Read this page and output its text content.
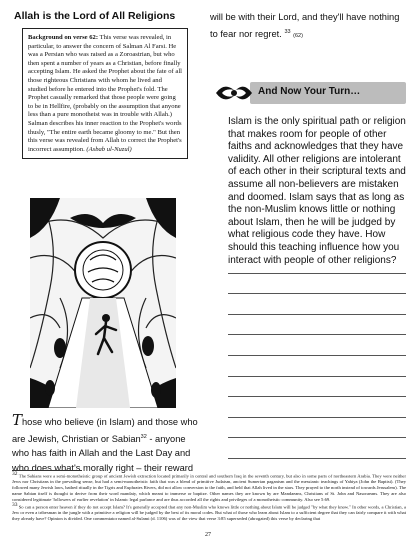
Allah is the Lord of All Religions
Background on verse 62: This verse was revealed, in particular, to answer the concern of Salman Al Farsi. He was a Persian who was raised as a Zoroastrian, but who then spent a number of years as a Christian, before finally accepting Islam. He asked the Prophet about the fate of all those righteous Christians with whom he lived and studied before he entered into the Prophet's fold. The Prophet casually remarked that those people were going to be in Hellfire, (probably on the assumption that anyone less than a pure monotheist was in trouble with Allah.) Salman describes his inner reaction to the Prophet's words thusly, "The entire earth became gloomy to me." But then this verse was revealed from Allah to correct the Prophet's incorrect assumption. (Asbab ul-Nuzul)
Those who believe (in Islam) and those who are Jewish, Christian or Sabian$^{32}$ - anyone who has faith in Allah and the Last Day and who does what's morally right – their reward

will be with their Lord, and they'll have nothing to fear nor regret. $^{33}$ (62)

And Now Your Turn…
Islam is the only spiritual path or religion that makes room for people of other faiths and acknowledges that they have validity. All other religions are intolerant of each other in their scriptural texts and assume all non-believers are mistaken and doomed. Islam says that as long as the non-Muslim knows little or nothing about Islam, then he will be judged by what religious code they have. How should this teaching influence how you interact with people of other religions?

$^{32}$ The Sabians were a semi-monotheistic group of ancient Jewish extraction located primarily in central and southern Iraq in the seventh century, but also in some parts of northeastern Arabia. They were neither Jews nor Christians in the prevailing sense, but had a semi-monotheistic faith that was a blend of primitive Judaism, ancient Sumerian paganism and the messianic teachings of Yahiya (John the Baptist). (They followed many Jewish laws, bathed ritually in the Tigris and Euphrates Rivers, did not allow conversion to the faith, and held that Allah lived in the stars. They prayed to the north instead of towards Jerusalem). The name Sabian itself is thought to derive from their word mandaiy, which meant to immerse or baptize. Other names they are known by are Mandaeans, Christians of St. John and Nasoraeans. They are also considered legitimate 'followers of earlier revelation' in Islamic legal parlance and are thus accorded all the rights and privileges of a monotheistic community. Also see 5:69.

$^{33}$ So can a person enter heaven if they do not accept Islam? It's generally accepted that any non-Muslim who knows little or nothing about Islam will be judged "by what they know." In other words, a Christian, a Jew or even a tribesman in the jungle with a primitive a religion will be judged by the best of its moral codes. But what of those who learn about Islam to a sufficient degree that they can fairly compare it with what they already have? Opinion is divided. One commentator named al-Sulami (d. 1106) was of the view that verse 3:85 superseded (abrogated) this verse by declaring that

27
